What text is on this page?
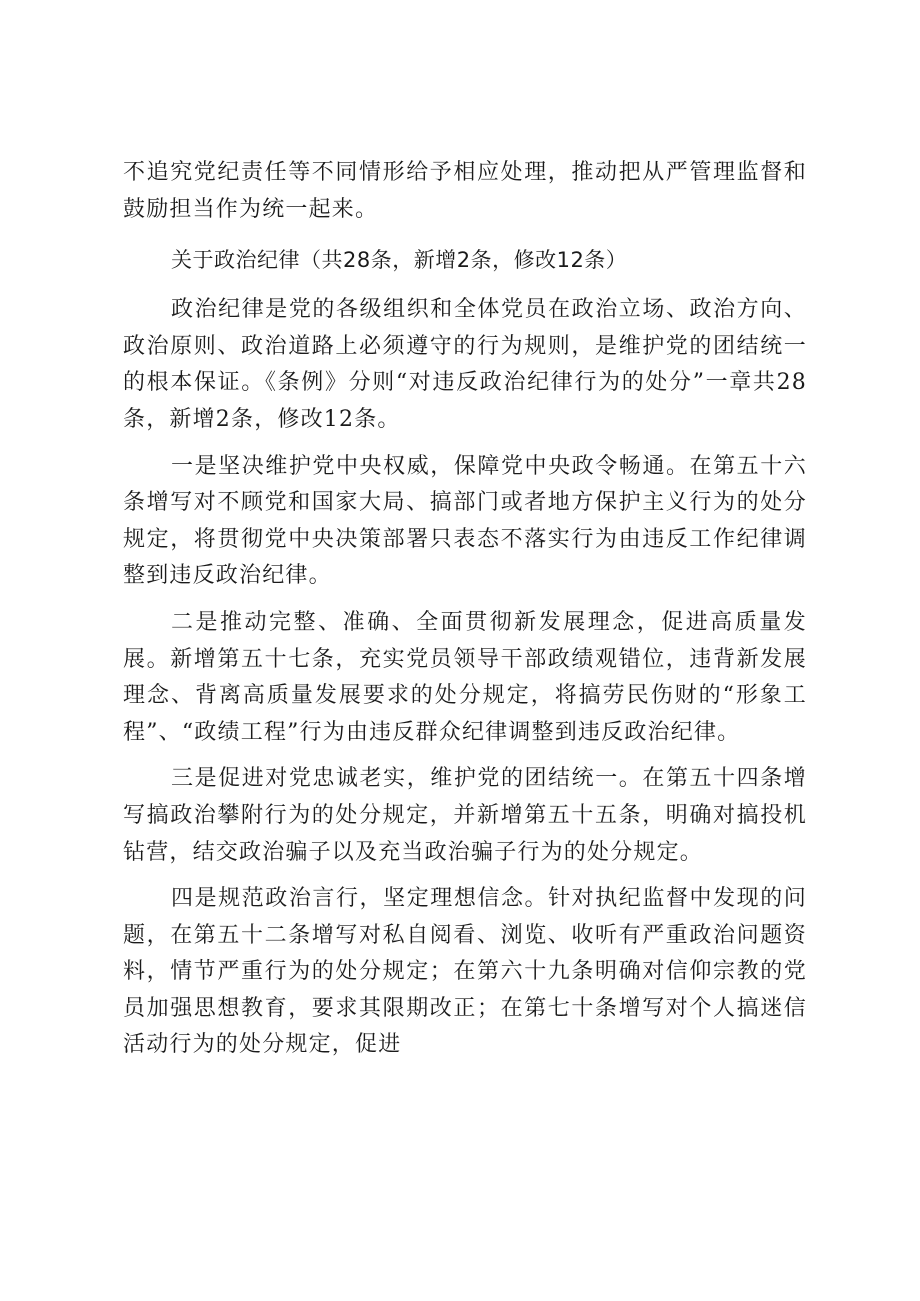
不追究党纪责任等不同情形给予相应处理，推动把从严管理监督和鼓励担当作为统一起来。

关于政治纪律（共28条，新增2条，修改12条）

政治纪律是党的各级组织和全体党员在政治立场、政治方向、政治原则、政治道路上必须遵守的行为规则，是维护党的团结统一的根本保证。《条例》分则“对违反政治纪律行为的处分”一章共28条，新增2条，修改12条。

一是坚决维护党中央权威，保障党中央政令畅通。在第五十六条增写对不顾党和国家大局、搞部门或者地方保护主义行为的处分规定，将贯彻党中央决策部署只表态不落实行为由违反工作纪律调整到违反政治纪律。

二是推动完整、准确、全面贯彻新发展理念，促进高质量发展。新增第五十七条，充实党员领导干部政绩观错位，违背新发展理念、背离高质量发展要求的处分规定，将搞劳民伤财的“形象工程”、“政绩工程”行为由违反群众纪律调整到违反政治纪律。

三是促进对党忠诚老实，维护党的团结统一。在第五十四条增写搞政治攀附行为的处分规定，并新增第五十五条，明确对搞投机钻营，结交政治骗子以及充当政治骗子行为的处分规定。

四是规范政治言行，坚定理想信念。针对执纪监督中发现的问题，在第五十二条增写对私自阅看、浏览、收听有严重政治问题资料，情节严重行为的处分规定；在第六十九条明确对信仰宗教的党员加强思想教育，要求其限期改正；在第七十条增写对个人搞迷信活动行为的处分规定，促进
